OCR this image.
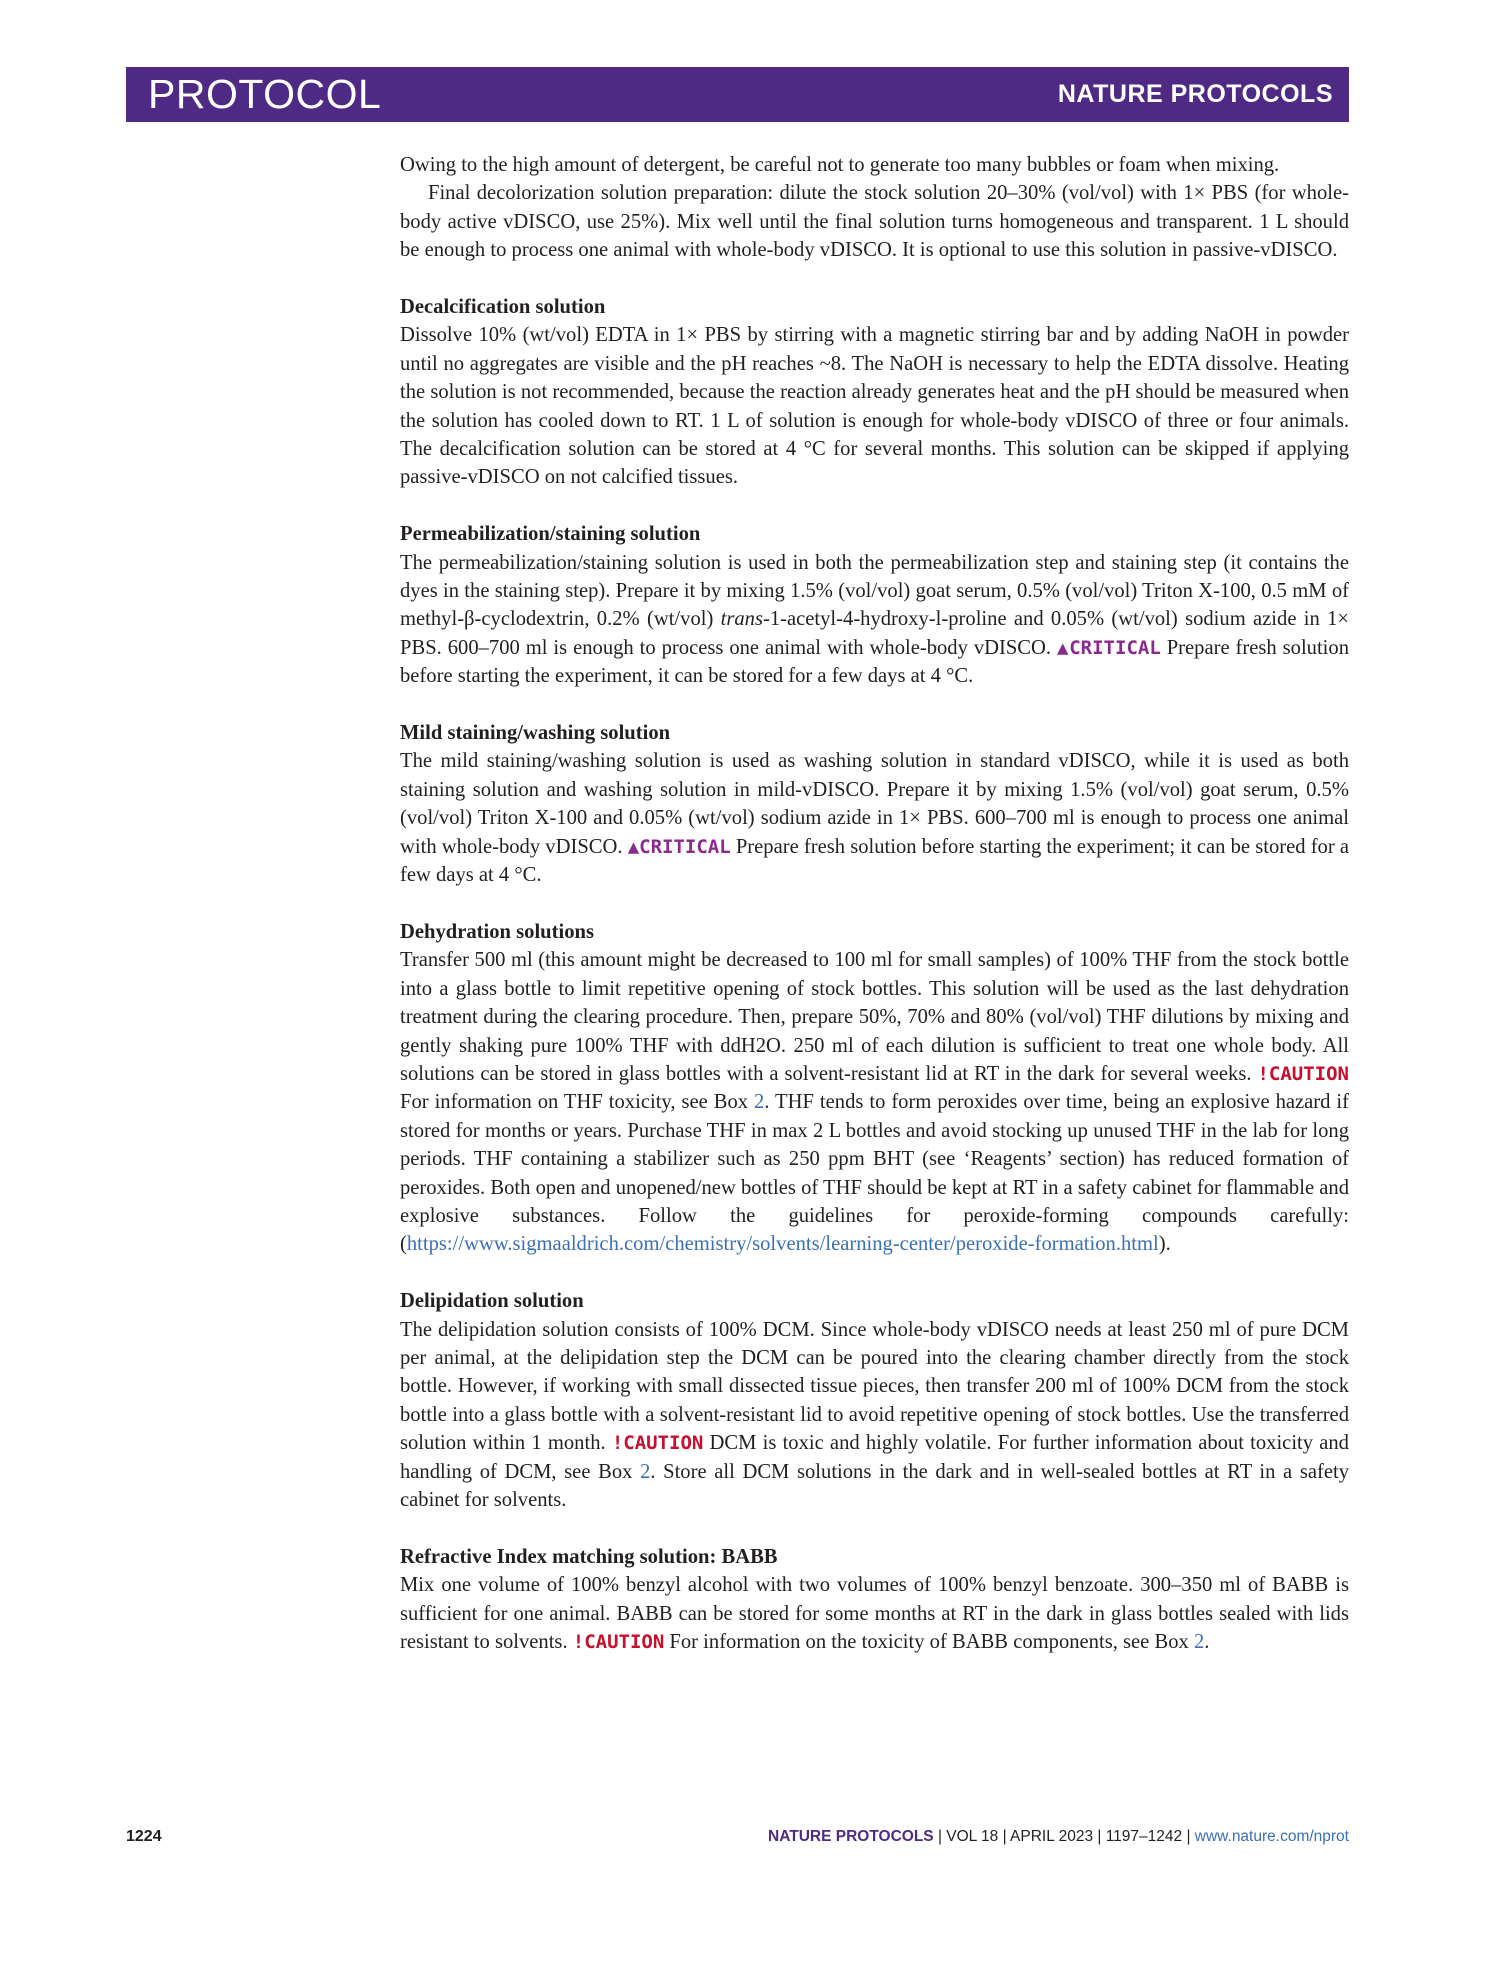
PROTOCOL	NATURE PROTOCOLS

Owing to the high amount of detergent, be careful not to generate too many bubbles or foam when mixing.

Final decolorization solution preparation: dilute the stock solution 20–30% (vol/vol) with 1× PBS (for whole-body active vDISCO, use 25%). Mix well until the final solution turns homogeneous and transparent. 1 L should be enough to process one animal with whole-body vDISCO. It is optional to use this solution in passive-vDISCO.

Decalcification solution

Dissolve 10% (wt/vol) EDTA in 1× PBS by stirring with a magnetic stirring bar and by adding NaOH in powder until no aggregates are visible and the pH reaches ~8. The NaOH is necessary to help the EDTA dissolve. Heating the solution is not recommended, because the reaction already generates heat and the pH should be measured when the solution has cooled down to RT. 1 L of solution is enough for whole-body vDISCO of three or four animals. The decalcification solution can be stored at 4 °C for several months. This solution can be skipped if applying passive-vDISCO on not calcified tissues.

Permeabilization/staining solution

The permeabilization/staining solution is used in both the permeabilization step and staining step (it contains the dyes in the staining step). Prepare it by mixing 1.5% (vol/vol) goat serum, 0.5% (vol/vol) Triton X-100, 0.5 mM of methyl-β-cyclodextrin, 0.2% (wt/vol) trans-1-acetyl-4-hydroxy-l-proline and 0.05% (wt/vol) sodium azide in 1× PBS. 600–700 ml is enough to process one animal with whole-body vDISCO. ▲CRITICAL Prepare fresh solution before starting the experiment, it can be stored for a few days at 4 °C.

Mild staining/washing solution

The mild staining/washing solution is used as washing solution in standard vDISCO, while it is used as both staining solution and washing solution in mild-vDISCO. Prepare it by mixing 1.5% (vol/vol) goat serum, 0.5% (vol/vol) Triton X-100 and 0.05% (wt/vol) sodium azide in 1× PBS. 600–700 ml is enough to process one animal with whole-body vDISCO. ▲CRITICAL Prepare fresh solution before starting the experiment; it can be stored for a few days at 4 °C.

Dehydration solutions

Transfer 500 ml (this amount might be decreased to 100 ml for small samples) of 100% THF from the stock bottle into a glass bottle to limit repetitive opening of stock bottles. This solution will be used as the last dehydration treatment during the clearing procedure. Then, prepare 50%, 70% and 80% (vol/vol) THF dilutions by mixing and gently shaking pure 100% THF with ddH2O. 250 ml of each dilution is sufficient to treat one whole body. All solutions can be stored in glass bottles with a solvent-resistant lid at RT in the dark for several weeks. !CAUTION For information on THF toxicity, see Box 2. THF tends to form peroxides over time, being an explosive hazard if stored for months or years. Purchase THF in max 2 L bottles and avoid stocking up unused THF in the lab for long periods. THF containing a stabilizer such as 250 ppm BHT (see ‘Reagents’ section) has reduced formation of peroxides. Both open and unopened/new bottles of THF should be kept at RT in a safety cabinet for flammable and explosive substances. Follow the guidelines for peroxide-forming compounds carefully: (https://www.sigmaaldrich.com/chemistry/solvents/learning-center/peroxide-formation.html).

Delipidation solution

The delipidation solution consists of 100% DCM. Since whole-body vDISCO needs at least 250 ml of pure DCM per animal, at the delipidation step the DCM can be poured into the clearing chamber directly from the stock bottle. However, if working with small dissected tissue pieces, then transfer 200 ml of 100% DCM from the stock bottle into a glass bottle with a solvent-resistant lid to avoid repetitive opening of stock bottles. Use the transferred solution within 1 month. !CAUTION DCM is toxic and highly volatile. For further information about toxicity and handling of DCM, see Box 2. Store all DCM solutions in the dark and in well-sealed bottles at RT in a safety cabinet for solvents.

Refractive Index matching solution: BABB

Mix one volume of 100% benzyl alcohol with two volumes of 100% benzyl benzoate. 300–350 ml of BABB is sufficient for one animal. BABB can be stored for some months at RT in the dark in glass bottles sealed with lids resistant to solvents. !CAUTION For information on the toxicity of BABB components, see Box 2.

1224	NATURE PROTOCOLS | VOL 18 | APRIL 2023 | 1197–1242 | www.nature.com/nprot
